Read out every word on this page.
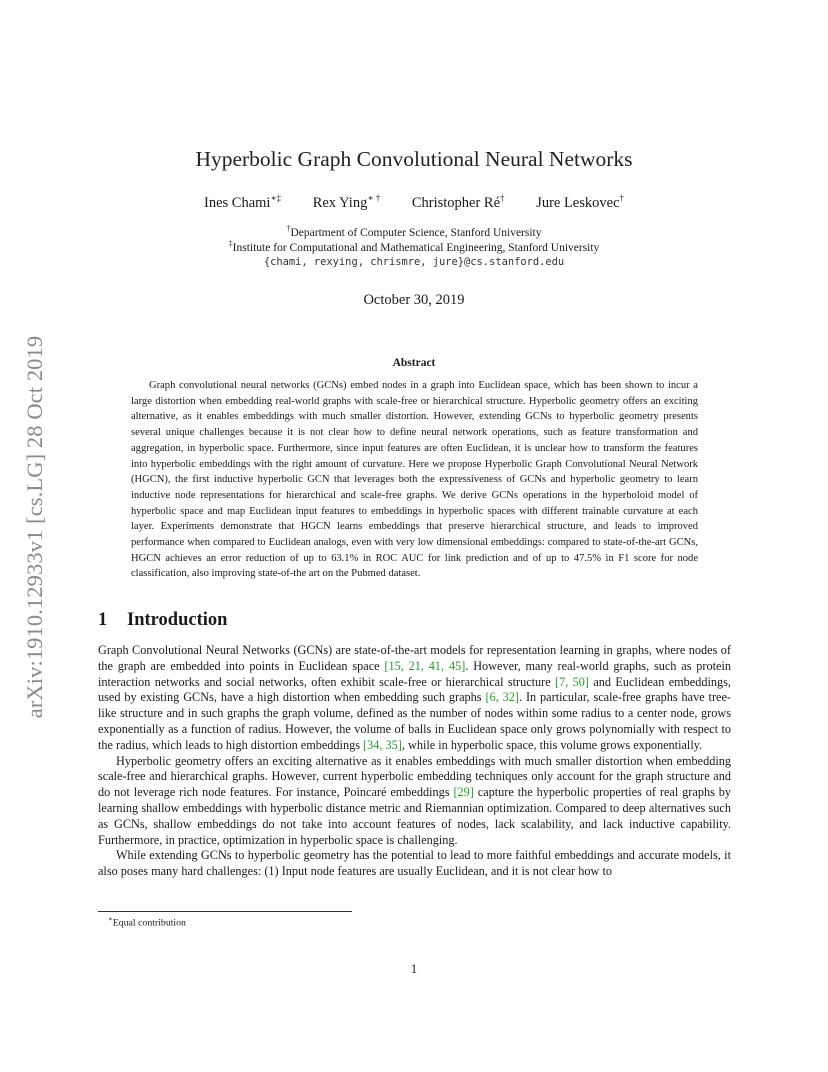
arXiv:1910.12933v1 [cs.LG] 28 Oct 2019
Hyperbolic Graph Convolutional Neural Networks
Ines Chami∗‡ Rex Ying∗ † Christopher Ré† Jure Leskovec†
†Department of Computer Science, Stanford University
‡Institute for Computational and Mathematical Engineering, Stanford University
{chami, rexying, chrismre, jure}@cs.stanford.edu
October 30, 2019
Abstract

Graph convolutional neural networks (GCNs) embed nodes in a graph into Euclidean space, which has been shown to incur a large distortion when embedding real-world graphs with scale-free or hierarchical structure. Hyperbolic geometry offers an exciting alternative, as it enables embeddings with much smaller distortion. However, extending GCNs to hyperbolic geometry presents several unique challenges because it is not clear how to define neural network operations, such as feature transformation and aggregation, in hyperbolic space. Furthermore, since input features are often Euclidean, it is unclear how to transform the features into hyperbolic embeddings with the right amount of curvature. Here we propose Hyperbolic Graph Convolutional Neural Network (HGCN), the first inductive hyperbolic GCN that leverages both the expressiveness of GCNs and hyperbolic geometry to learn inductive node representations for hierarchical and scale-free graphs. We derive GCNs operations in the hyperboloid model of hyperbolic space and map Euclidean input features to embeddings in hyperbolic spaces with different trainable curvature at each layer. Experiments demonstrate that HGCN learns embeddings that preserve hierarchical structure, and leads to improved performance when compared to Euclidean analogs, even with very low dimensional embeddings: compared to state-of-the-art GCNs, HGCN achieves an error reduction of up to 63.1% in ROC AUC for link prediction and of up to 47.5% in F1 score for node classification, also improving state-of-the art on the Pubmed dataset.

1 Introduction

Graph Convolutional Neural Networks (GCNs) are state-of-the-art models for representation learning in graphs, where nodes of the graph are embedded into points in Euclidean space [15, 21, 41, 45]. However, many real-world graphs, such as protein interaction networks and social networks, often exhibit scale-free or hierarchical structure [7, 50] and Euclidean embeddings, used by existing GCNs, have a high distortion when embedding such graphs [6, 32]. In particular, scale-free graphs have tree-like structure and in such graphs the graph volume, defined as the number of nodes within some radius to a center node, grows exponentially as a function of radius. However, the volume of balls in Euclidean space only grows polynomially with respect to the radius, which leads to high distortion embeddings [34, 35], while in hyperbolic space, this volume grows exponentially.

Hyperbolic geometry offers an exciting alternative as it enables embeddings with much smaller distortion when embedding scale-free and hierarchical graphs. However, current hyperbolic embedding techniques only account for the graph structure and do not leverage rich node features. For instance, Poincaré embeddings [29] capture the hyperbolic properties of real graphs by learning shallow embeddings with hyperbolic distance metric and Riemannian optimization. Compared to deep alternatives such as GCNs, shallow embeddings do not take into account features of nodes, lack scalability, and lack inductive capability. Furthermore, in practice, optimization in hyperbolic space is challenging.

While extending GCNs to hyperbolic geometry has the potential to lead to more faithful embeddings and accurate models, it also poses many hard challenges: (1) Input node features are usually Euclidean, and it is not clear how to

∗Equal contribution
1
